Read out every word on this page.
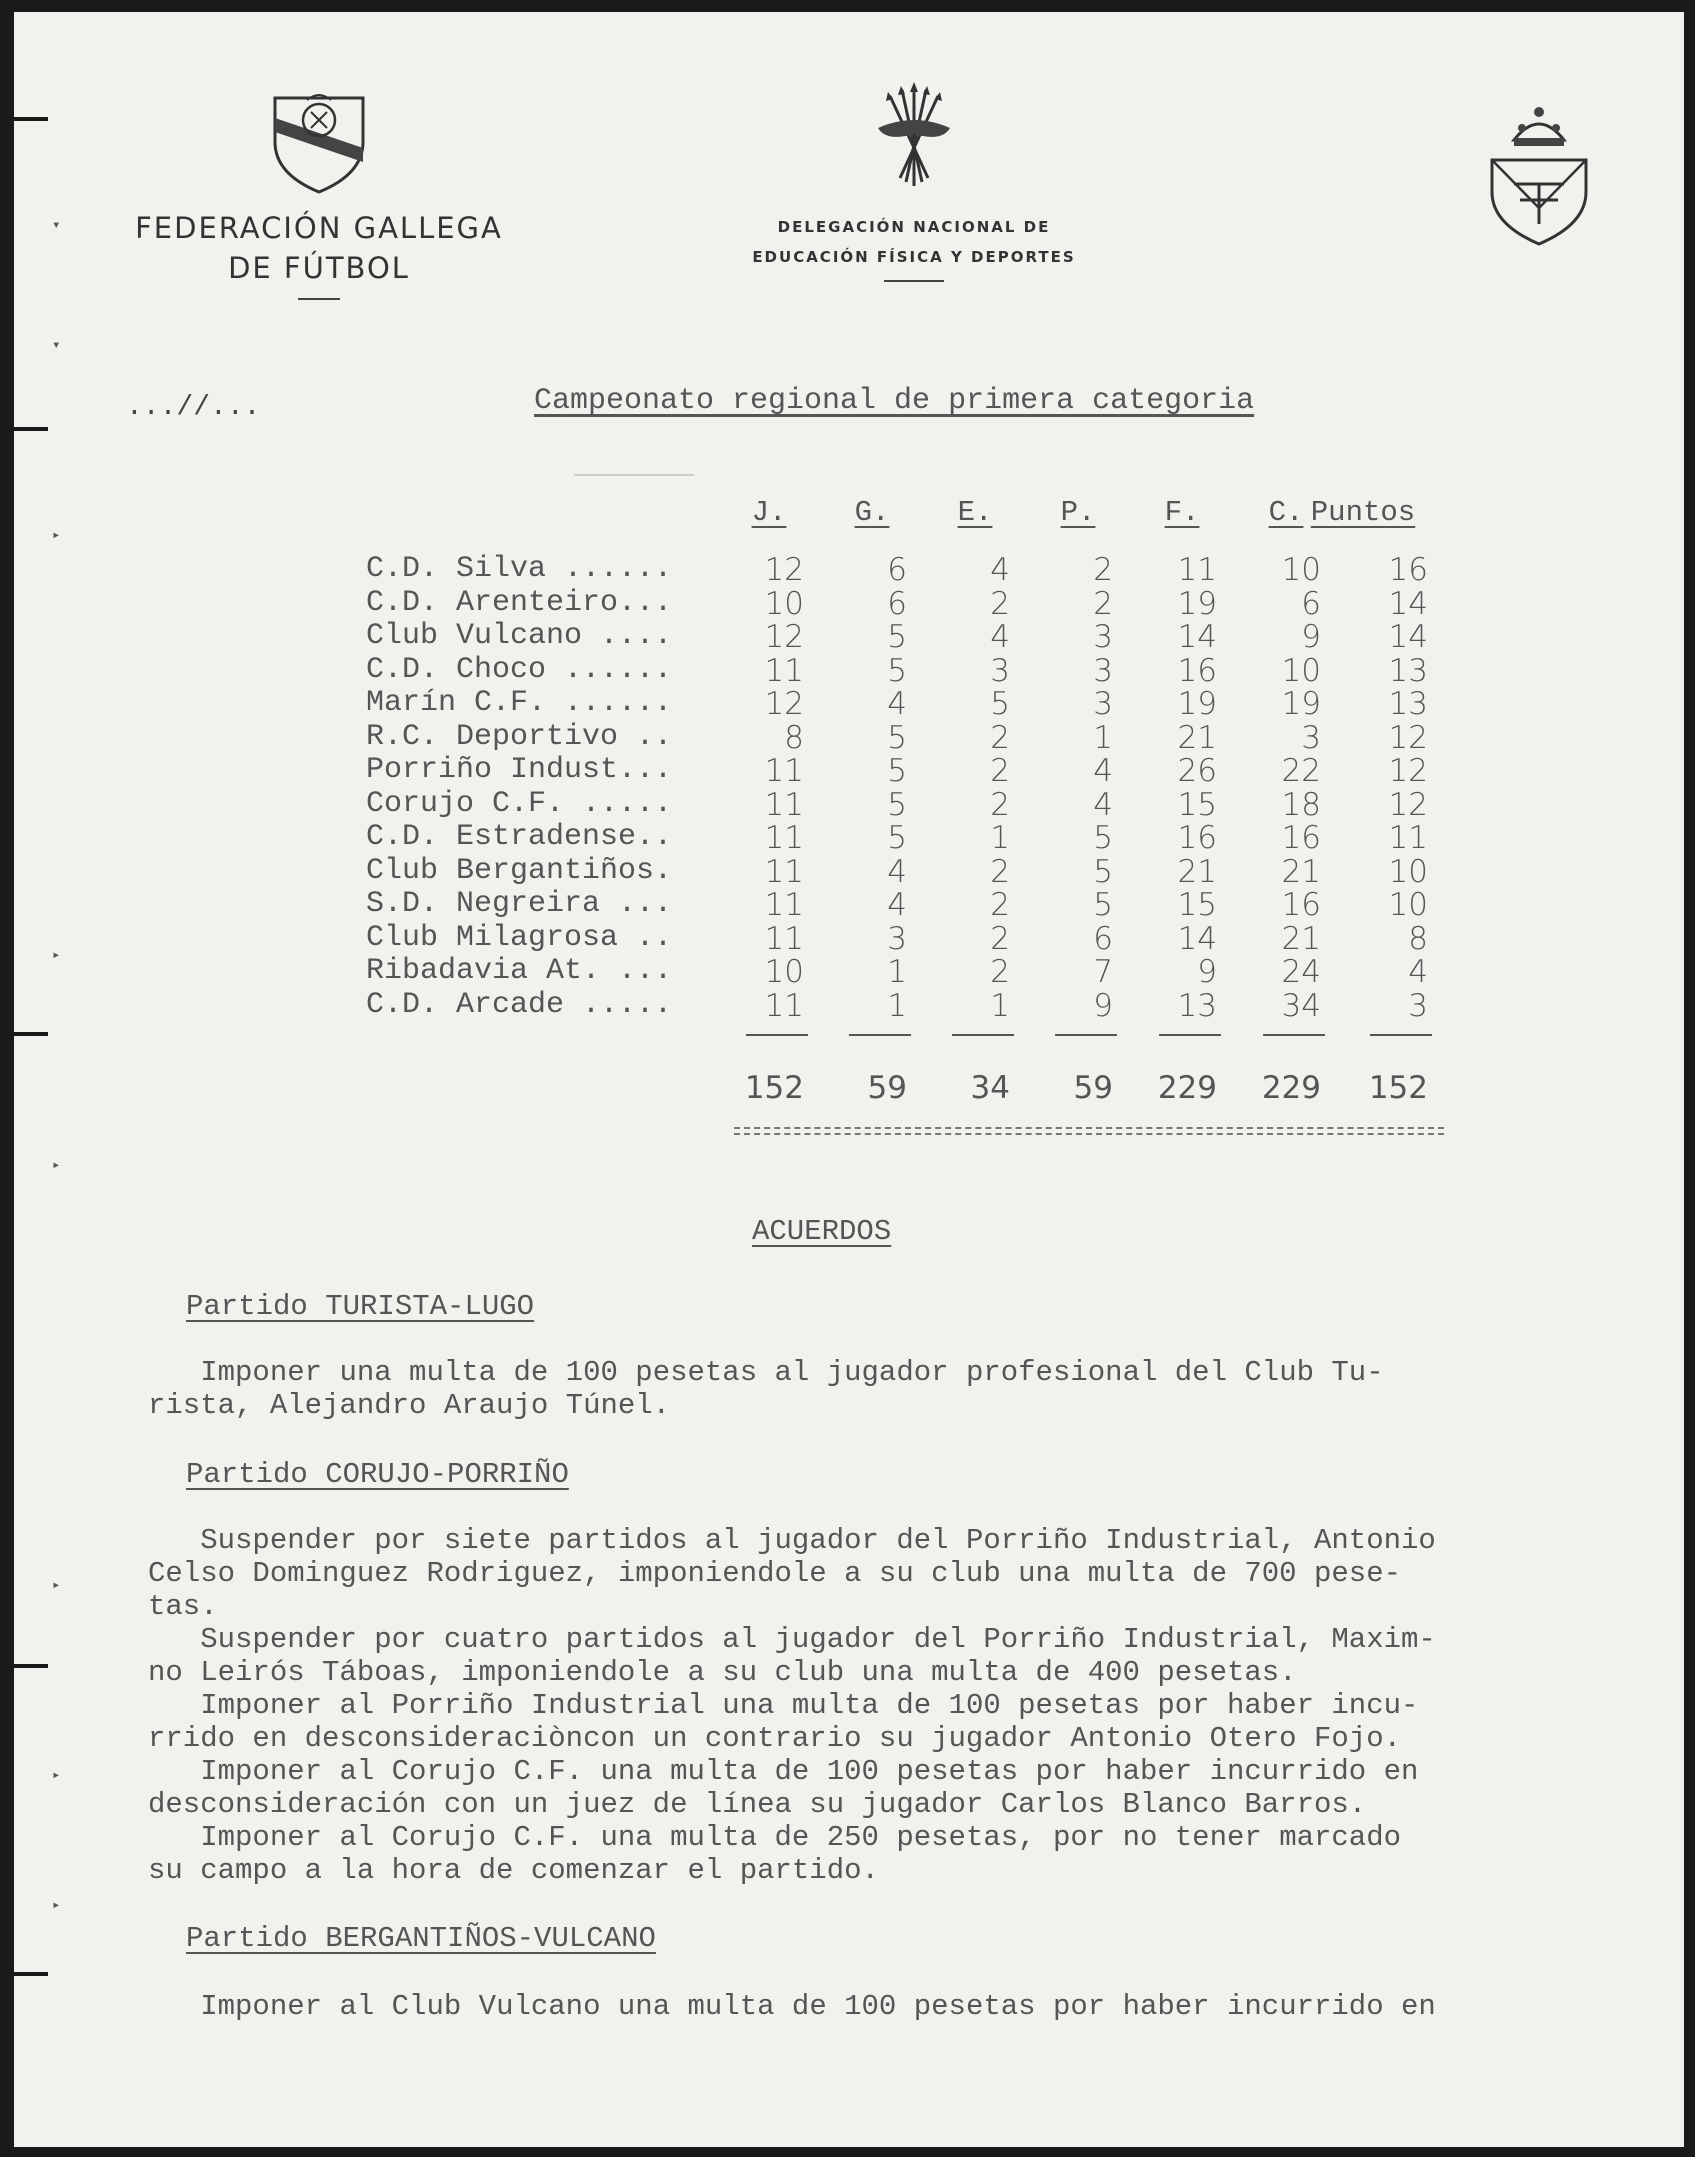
▾
▾
▸
▸
▸
▸
▸
▸
FEDERACIÓN GALLEGA
DE FÚTBOL
DELEGACIÓN NACIONAL DE
EDUCACIÓN FÍSICA Y DEPORTES
...//...	Campeonato regional de primera categoria
J.	G.	E.	P.	F.	C. Puntos
C.D. Silva ......	12	6	4	2	11	10	16
C.D. Arenteiro...	10	6	2	2	19	6	14
Club Vulcano ....	12	5	4	3	14	9	14
C.D. Choco ......	11	5	3	3	16	10	13
Marín C.F. ......	12	4	5	3	19	19	13
R.C. Deportivo ..	8	5	2	1	21	3	12
Porriño Indust...	11	5	2	4	26	22	12
Corujo C.F. .....	11	5	2	4	15	18	12
C.D. Estradense..	11	5	1	5	16	16	11
Club Bergantiños.	11	4	2	5	21	21	10
S.D. Negreira ...	11	4	2	5	15	16	10
Club Milagrosa ..	11	3	2	6	14	21	8
Ribadavia At. ...	10	1	2	7	9	24	4
C.D. Arcade .....	11	1	1	9	13	34	3
152	59	34	59	229	229	152
ACUERDOS
Partido TURISTA-LUGO
Imponer una multa de 100 pesetas al jugador profesional del Club Tu-
rista, Alejandro Araujo Túnel.
Partido CORUJO-PORRIÑO
Suspender por siete partidos al jugador del Porriño Industrial, Antonio
Celso Dominguez Rodriguez, imponiendole a su club una multa de 700 pese-
tas.
Suspender por cuatro partidos al jugador del Porriño Industrial, Maxim-
no Leirós Táboas, imponiendole a su club una multa de 400 pesetas.
Imponer al Porriño Industrial una multa de 100 pesetas por haber incu-
rrido en desconsideraciòncon un contrario su jugador Antonio Otero Fojo.
Imponer al Corujo C.F. una multa de 100 pesetas por haber incurrido en
desconsideración con un juez de línea su jugador Carlos Blanco Barros.
Imponer al Corujo C.F. una multa de 250 pesetas, por no tener marcado
su campo a la hora de comenzar el partido.
Partido BERGANTIÑOS-VULCANO
Imponer al Club Vulcano una multa de 100 pesetas por haber incurrido en
